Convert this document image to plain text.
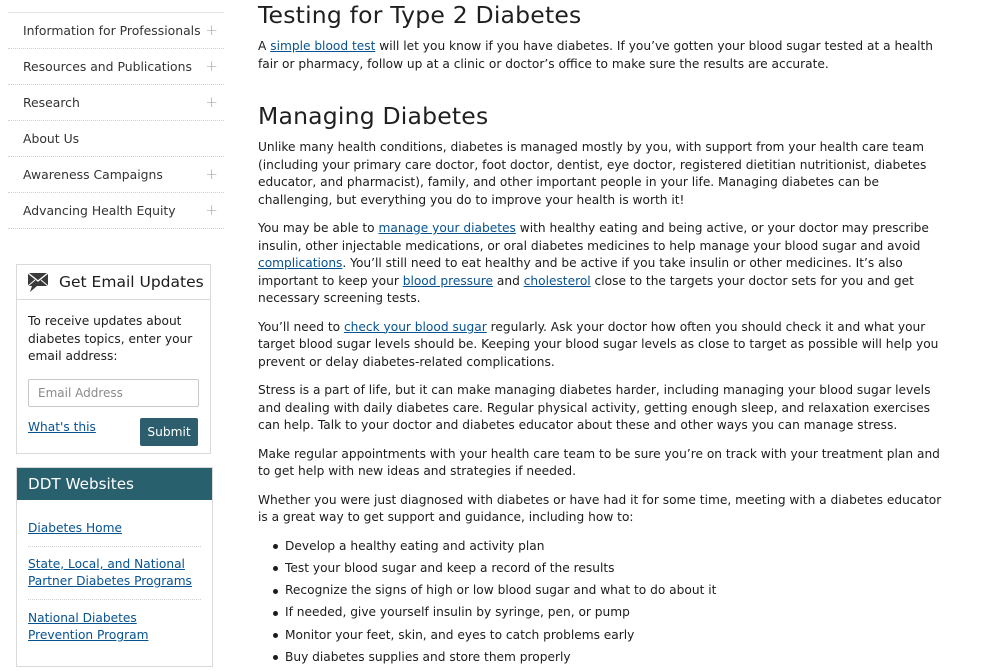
Information for Professionals +
Resources and Publications +
Research	+
About Us
Awareness Campaigns	+
Advancing Health Equity +
Get Email Updates

To receive updates about diabetes topics, enter your email address:

Email Address
What's this	Submit
DDT Websites
Diabetes Home
State, Local, and National Partner Diabetes Programs
National Diabetes Prevention Program
Testing for Type 2 Diabetes

A simple blood test will let you know if you have diabetes. If you’ve gotten your blood sugar tested at a health fair or pharmacy, follow up at a clinic or doctor’s office to make sure the results are accurate.

Managing Diabetes

Unlike many health conditions, diabetes is managed mostly by you, with support from your health care team (including your primary care doctor, foot doctor, dentist, eye doctor, registered dietitian nutritionist, diabetes educator, and pharmacist), family, and other important people in your life. Managing diabetes can be challenging, but everything you do to improve your health is worth it!

You may be able to manage your diabetes with healthy eating and being active, or your doctor may prescribe insulin, other injectable medications, or oral diabetes medicines to help manage your blood sugar and avoid complications. You’ll still need to eat healthy and be active if you take insulin or other medicines. It’s also important to keep your blood pressure and cholesterol close to the targets your doctor sets for you and get necessary screening tests.

You’ll need to check your blood sugar regularly. Ask your doctor how often you should check it and what your target blood sugar levels should be. Keeping your blood sugar levels as close to target as possible will help you prevent or delay diabetes-related complications.

Stress is a part of life, but it can make managing diabetes harder, including managing your blood sugar levels and dealing with daily diabetes care. Regular physical activity, getting enough sleep, and relaxation exercises can help. Talk to your doctor and diabetes educator about these and other ways you can manage stress.

Make regular appointments with your health care team to be sure you’re on track with your treatment plan and to get help with new ideas and strategies if needed.

Whether you were just diagnosed with diabetes or have had it for some time, meeting with a diabetes educator is a great way to get support and guidance, including how to:

Develop a healthy eating and activity plan
Test your blood sugar and keep a record of the results
Recognize the signs of high or low blood sugar and what to do about it
If needed, give yourself insulin by syringe, pen, or pump
Monitor your feet, skin, and eyes to catch problems early
Buy diabetes supplies and store them properly
